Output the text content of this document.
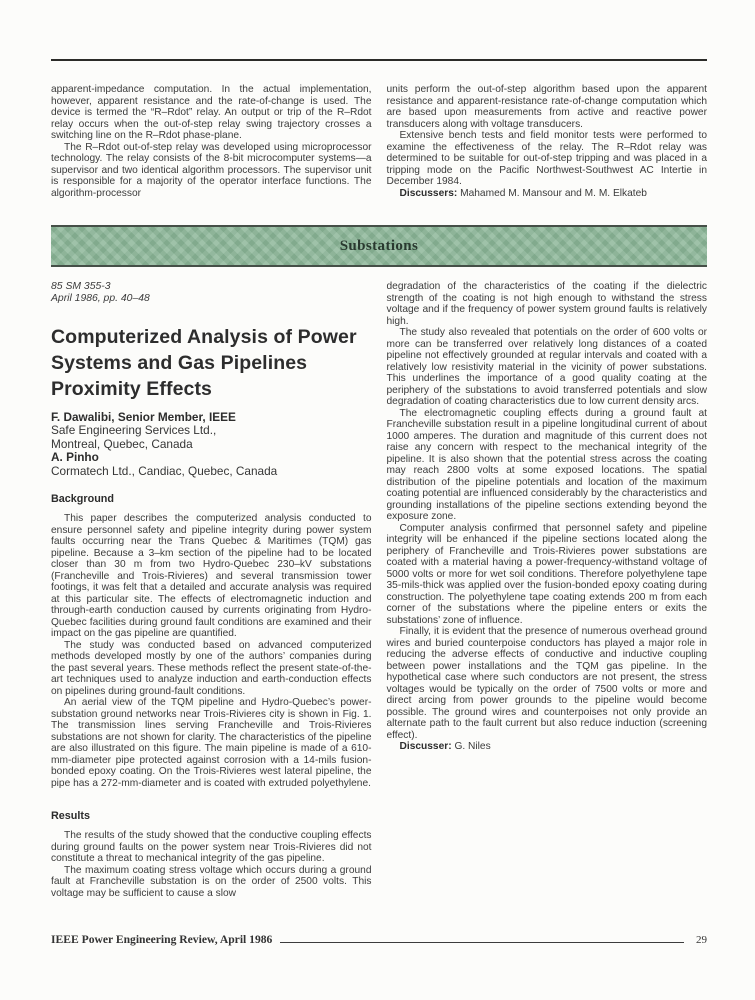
apparent-impedance computation. In the actual implementation, however, apparent resistance and the rate-of-change is used. The device is termed the “R–Rdot” relay. An output or trip of the R–Rdot relay occurs when the out-of-step relay swing trajectory crosses a switching line on the R–Rdot phase-plane.

The R–Rdot out-of-step relay was developed using microprocessor technology. The relay consists of the 8-bit microcomputer systems—a supervisor and two identical algorithm processors. The supervisor unit is responsible for a majority of the operator interface functions. The algorithm-processor

units perform the out-of-step algorithm based upon the apparent resistance and apparent-resistance rate-of-change computation which are based upon measurements from active and reactive power transducers along with voltage transducers.

Extensive bench tests and field monitor tests were performed to examine the effectiveness of the relay. The R–Rdot relay was determined to be suitable for out-of-step tripping and was placed in a tripping mode on the Pacific Northwest-Southwest AC Intertie in December 1984.

Discussers: Mahamed M. Mansour and M. M. Elkateb

Substations
85 SM 355-3
April 1986, pp. 40–48
Computerized Analysis of Power Systems and Gas Pipelines Proximity Effects
F. Dawalibi, Senior Member, IEEE
Safe Engineering Services Ltd.,
Montreal, Quebec, Canada
A. Pinho
Cormatech Ltd., Candiac, Quebec, Canada
Background

This paper describes the computerized analysis conducted to ensure personnel safety and pipeline integrity during power system faults occurring near the Trans Quebec & Maritimes (TQM) gas pipeline. Because a 3–km section of the pipeline had to be located closer than 30 m from two Hydro-Quebec 230–kV substations (Francheville and Trois-Rivieres) and several transmission tower footings, it was felt that a detailed and accurate analysis was required at this particular site. The effects of electromagnetic induction and through-earth conduction caused by currents originating from Hydro-Quebec facilities during ground fault conditions are examined and their impact on the gas pipeline are quantified.

The study was conducted based on advanced computerized methods developed mostly by one of the authors’ companies during the past several years. These methods reflect the present state-of-the-art techniques used to analyze induction and earth-conduction effects on pipelines during ground-fault conditions.

An aerial view of the TQM pipeline and Hydro-Quebec’s power-substation ground networks near Trois-Rivieres city is shown in Fig. 1. The transmission lines serving Francheville and Trois-Rivieres substations are not shown for clarity. The characteristics of the pipeline are also illustrated on this figure. The main pipeline is made of a 610-mm-diameter pipe protected against corrosion with a 14-mils fusion-bonded epoxy coating. On the Trois-Rivieres west lateral pipeline, the pipe has a 272-mm-diameter and is coated with extruded polyethylene.

Results

The results of the study showed that the conductive coupling effects during ground faults on the power system near Trois-Rivieres did not constitute a threat to mechanical integrity of the gas pipeline.

The maximum coating stress voltage which occurs during a ground fault at Francheville substation is on the order of 2500 volts. This voltage may be sufficient to cause a slow

degradation of the characteristics of the coating if the dielectric strength of the coating is not high enough to withstand the stress voltage and if the frequency of power system ground faults is relatively high.

The study also revealed that potentials on the order of 600 volts or more can be transferred over relatively long distances of a coated pipeline not effectively grounded at regular intervals and coated with a relatively low resistivity material in the vicinity of power substations. This underlines the importance of a good quality coating at the periphery of the substations to avoid transferred potentials and slow degradation of coating characteristics due to low current density arcs.

The electromagnetic coupling effects during a ground fault at Francheville substation result in a pipeline longitudinal current of about 1000 amperes. The duration and magnitude of this current does not raise any concern with respect to the mechanical integrity of the pipeline. It is also shown that the potential stress across the coating may reach 2800 volts at some exposed locations. The spatial distribution of the pipeline potentials and location of the maximum coating potential are influenced considerably by the characteristics and grounding installations of the pipeline sections extending beyond the exposure zone.

Computer analysis confirmed that personnel safety and pipeline integrity will be enhanced if the pipeline sections located along the periphery of Francheville and Trois-Rivieres power substations are coated with a material having a power-frequency-withstand voltage of 5000 volts or more for wet soil conditions. Therefore polyethylene tape 35-mils-thick was applied over the fusion-bonded epoxy coating during construction. The polyethylene tape coating extends 200 m from each corner of the substations where the pipeline enters or exits the substations’ zone of influence.

Finally, it is evident that the presence of numerous overhead ground wires and buried counterpoise conductors has played a major role in reducing the adverse effects of conductive and inductive coupling between power installations and the TQM gas pipeline. In the hypothetical case where such conductors are not present, the stress voltages would be typically on the order of 7500 volts or more and direct arcing from power grounds to the pipeline would become possible. The ground wires and counterpoises not only provide an alternate path to the fault current but also reduce induction (screening effect).

Discusser: G. Niles

IEEE Power Engineering Review, April 1986	29
